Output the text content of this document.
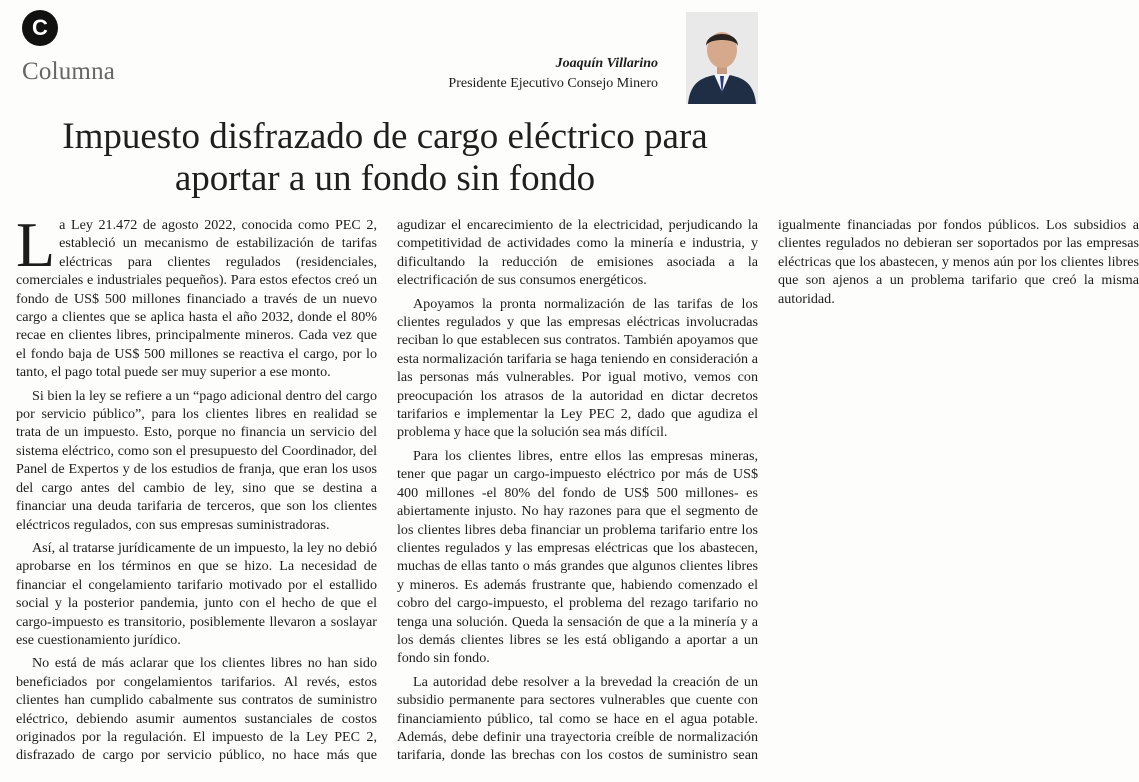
C
Columna	Joaquín Villarino
Presidente Ejecutivo Consejo Minero
Impuesto disfrazado de cargo eléctrico para
aportar a un fondo sin fondo

La Ley 21.472 de agosto 2022, conocida como PEC 2, estableció un mecanismo de estabilización de tarifas eléctricas para clientes regulados (residenciales, comerciales e industriales pequeños). Para estos efectos creó un fondo de US$ 500 millones financiado a través de un nuevo cargo a clientes que se aplica hasta el año 2032, donde el 80% recae en clientes libres, principalmente mineros. Cada vez que el fondo baja de US$ 500 millones se reactiva el cargo, por lo tanto, el pago total puede ser muy superior a ese monto.

Si bien la ley se refiere a un “pago adicional dentro del cargo por servicio público”, para los clientes libres en realidad se trata de un impuesto. Esto, porque no financia un servicio del sistema eléctrico, como son el presupuesto del Coordinador, del Panel de Expertos y de los estudios de franja, que eran los usos del cargo antes del cambio de ley, sino que se destina a financiar una deuda tarifaria de terceros, que son los clientes eléctricos regulados, con sus empresas suministradoras.

Así, al tratarse jurídicamente de un impuesto, la ley no debió aprobarse en los términos en que se hizo. La necesidad de financiar el congelamiento tarifario motivado por el estallido social y la posterior pandemia, junto con el hecho de que el cargo-impuesto es transitorio, posiblemente llevaron a soslayar ese cuestionamiento jurídico.

No está de más aclarar que los clientes libres no han sido beneficiados por congelamientos tarifarios. Al revés, estos clientes han cumplido cabalmente sus contratos de suministro eléctrico, debiendo asumir aumentos sustanciales de costos originados por la regulación. El impuesto de la Ley PEC 2, disfrazado de cargo por servicio público, no hace más que agudizar el encarecimiento de la electricidad, perjudicando la competitividad de actividades como la minería e industria, y dificultando la reducción de emisiones asociada a la electrificación de sus consumos energéticos.

Apoyamos la pronta normalización de las tarifas de los clientes regulados y que las empresas eléctricas involucradas reciban lo que establecen sus contratos. También apoyamos que esta normalización tarifaria se haga teniendo en consideración a las personas más vulnerables. Por igual motivo, vemos con preocupación los atrasos de la autoridad en dictar decretos tarifarios e implementar la Ley PEC 2, dado que agudiza el problema y hace que la solución sea más difícil.

Para los clientes libres, entre ellos las empresas mineras, tener que pagar un cargo-impuesto eléctrico por más de US$ 400 millones -el 80% del fondo de US$ 500 millones- es abiertamente injusto. No hay razones para que el segmento de los clientes libres deba financiar un problema tarifario entre los clientes regulados y las empresas eléctricas que los abastecen, muchas de ellas tanto o más grandes que algunos clientes libres y mineros. Es además frustrante que, habiendo comenzado el cobro del cargo-impuesto, el problema del rezago tarifario no tenga una solución. Queda la sensación de que a la minería y a los demás clientes libres se les está obligando a aportar a un fondo sin fondo.

La autoridad debe resolver a la brevedad la creación de un subsidio permanente para sectores vulnerables que cuente con financiamiento público, tal como se hace en el agua potable. Además, debe definir una trayectoria creíble de normalización tarifaria, donde las brechas con los costos de suministro sean igualmente financiadas por fondos públicos. Los subsidios a clientes regulados no debieran ser soportados por las empresas eléctricas que los abastecen, y menos aún por los clientes libres que son ajenos a un problema tarifario que creó la misma autoridad.
